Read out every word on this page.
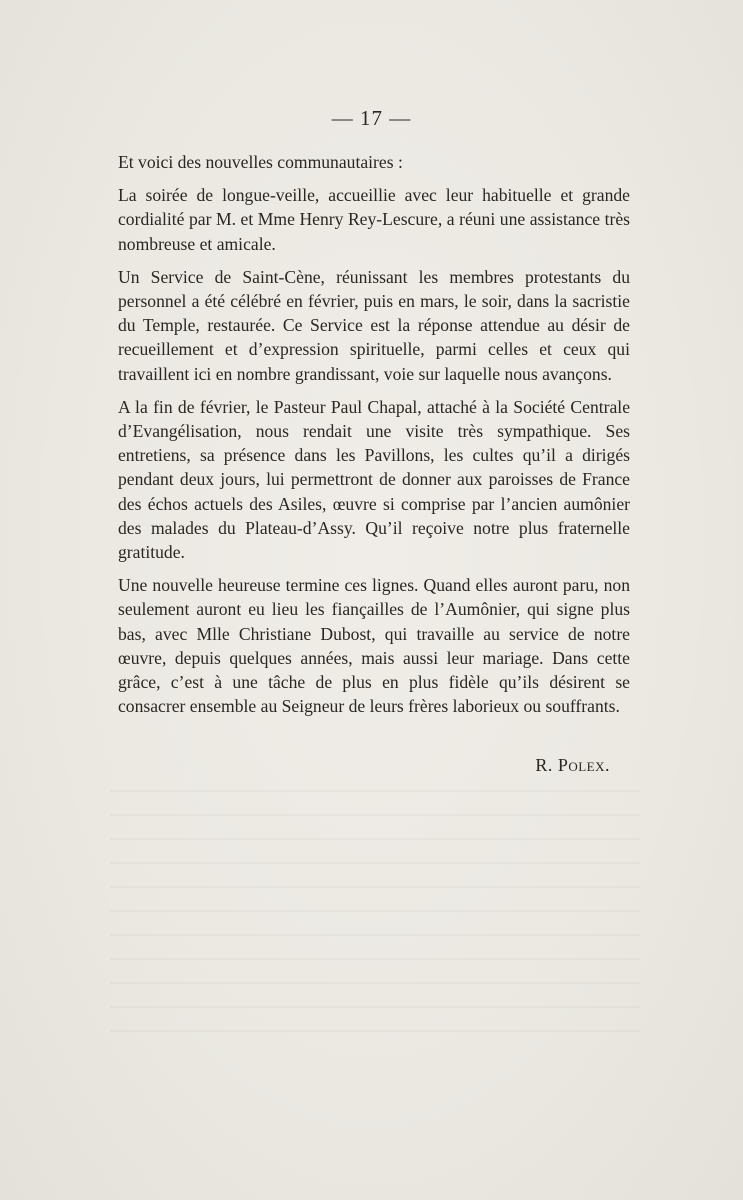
— 17 —

Et voici des nouvelles communautaires :

La soirée de longue-veille, accueillie avec leur habituelle et grande cordialité par M. et Mme Henry Rey-Lescure, a réuni une assistance très nombreuse et amicale.

Un Service de Saint-Cène, réunissant les membres protestants du personnel a été célébré en février, puis en mars, le soir, dans la sacristie du Temple, restaurée. Ce Service est la réponse attendue au désir de recueillement et d’expression spirituelle, parmi celles et ceux qui travaillent ici en nombre grandissant, voie sur laquelle nous avançons.

A la fin de février, le Pasteur Paul Chapal, attaché à la Société Centrale d’Evangélisation, nous rendait une visite très sympathique. Ses entretiens, sa présence dans les Pavillons, les cultes qu’il a dirigés pendant deux jours, lui permettront de donner aux paroisses de France des échos actuels des Asiles, œuvre si comprise par l’ancien aumônier des malades du Plateau-d’Assy. Qu’il reçoive notre plus fraternelle gratitude.

Une nouvelle heureuse termine ces lignes. Quand elles auront paru, non seulement auront eu lieu les fiançailles de l’Aumônier, qui signe plus bas, avec Mlle Christiane Dubost, qui travaille au service de notre œuvre, depuis quelques années, mais aussi leur mariage. Dans cette grâce, c’est à une tâche de plus en plus fidèle qu’ils désirent se consacrer ensemble au Seigneur de leurs frères laborieux ou souffrants.

R. Polex.
